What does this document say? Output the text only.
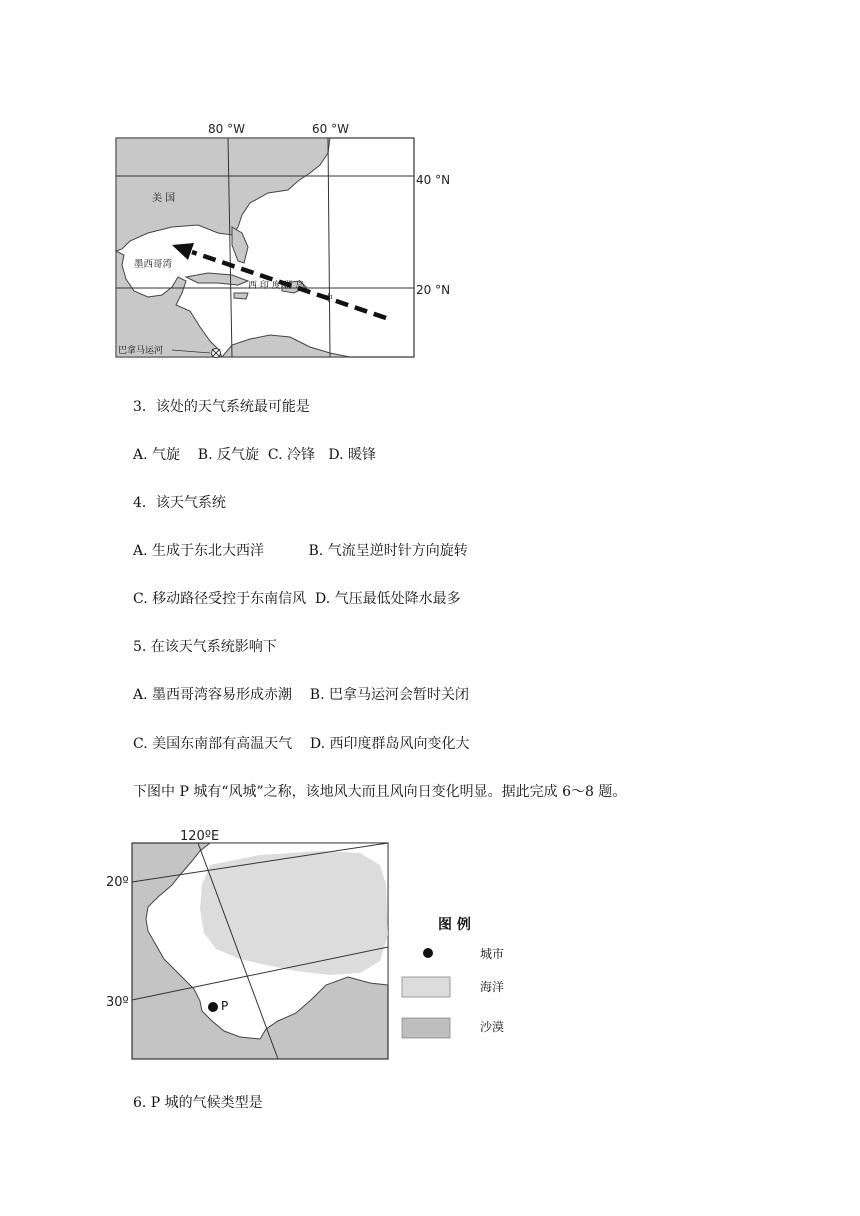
80 °W	60 °W
40 °N
20 °N
美 国
墨西哥湾
西 印 度 群 岛
中
巴拿马运河
3．该处的天气系统最可能是
A. 气旋    B. 反气旋  C. 冷锋   D. 暖锋
4．该天气系统
A. 生成于东北大西洋          B. 气流呈逆时针方向旋转
C. 移动路径受控于东南信风  D. 气压最低处降水最多
5. 在该天气系统影响下
A. 墨西哥湾容易形成赤潮    B. 巴拿马运河会暂时关闭
C. 美国东南部有高温天气    D. 西印度群岛风向变化大
下图中 P 城有“风城”之称，该地风大而且风向日变化明显。据此完成 6～8 题。
P
120ºE
20º
30º
图 例
城市
海洋
沙漠
6. P 城的气候类型是
